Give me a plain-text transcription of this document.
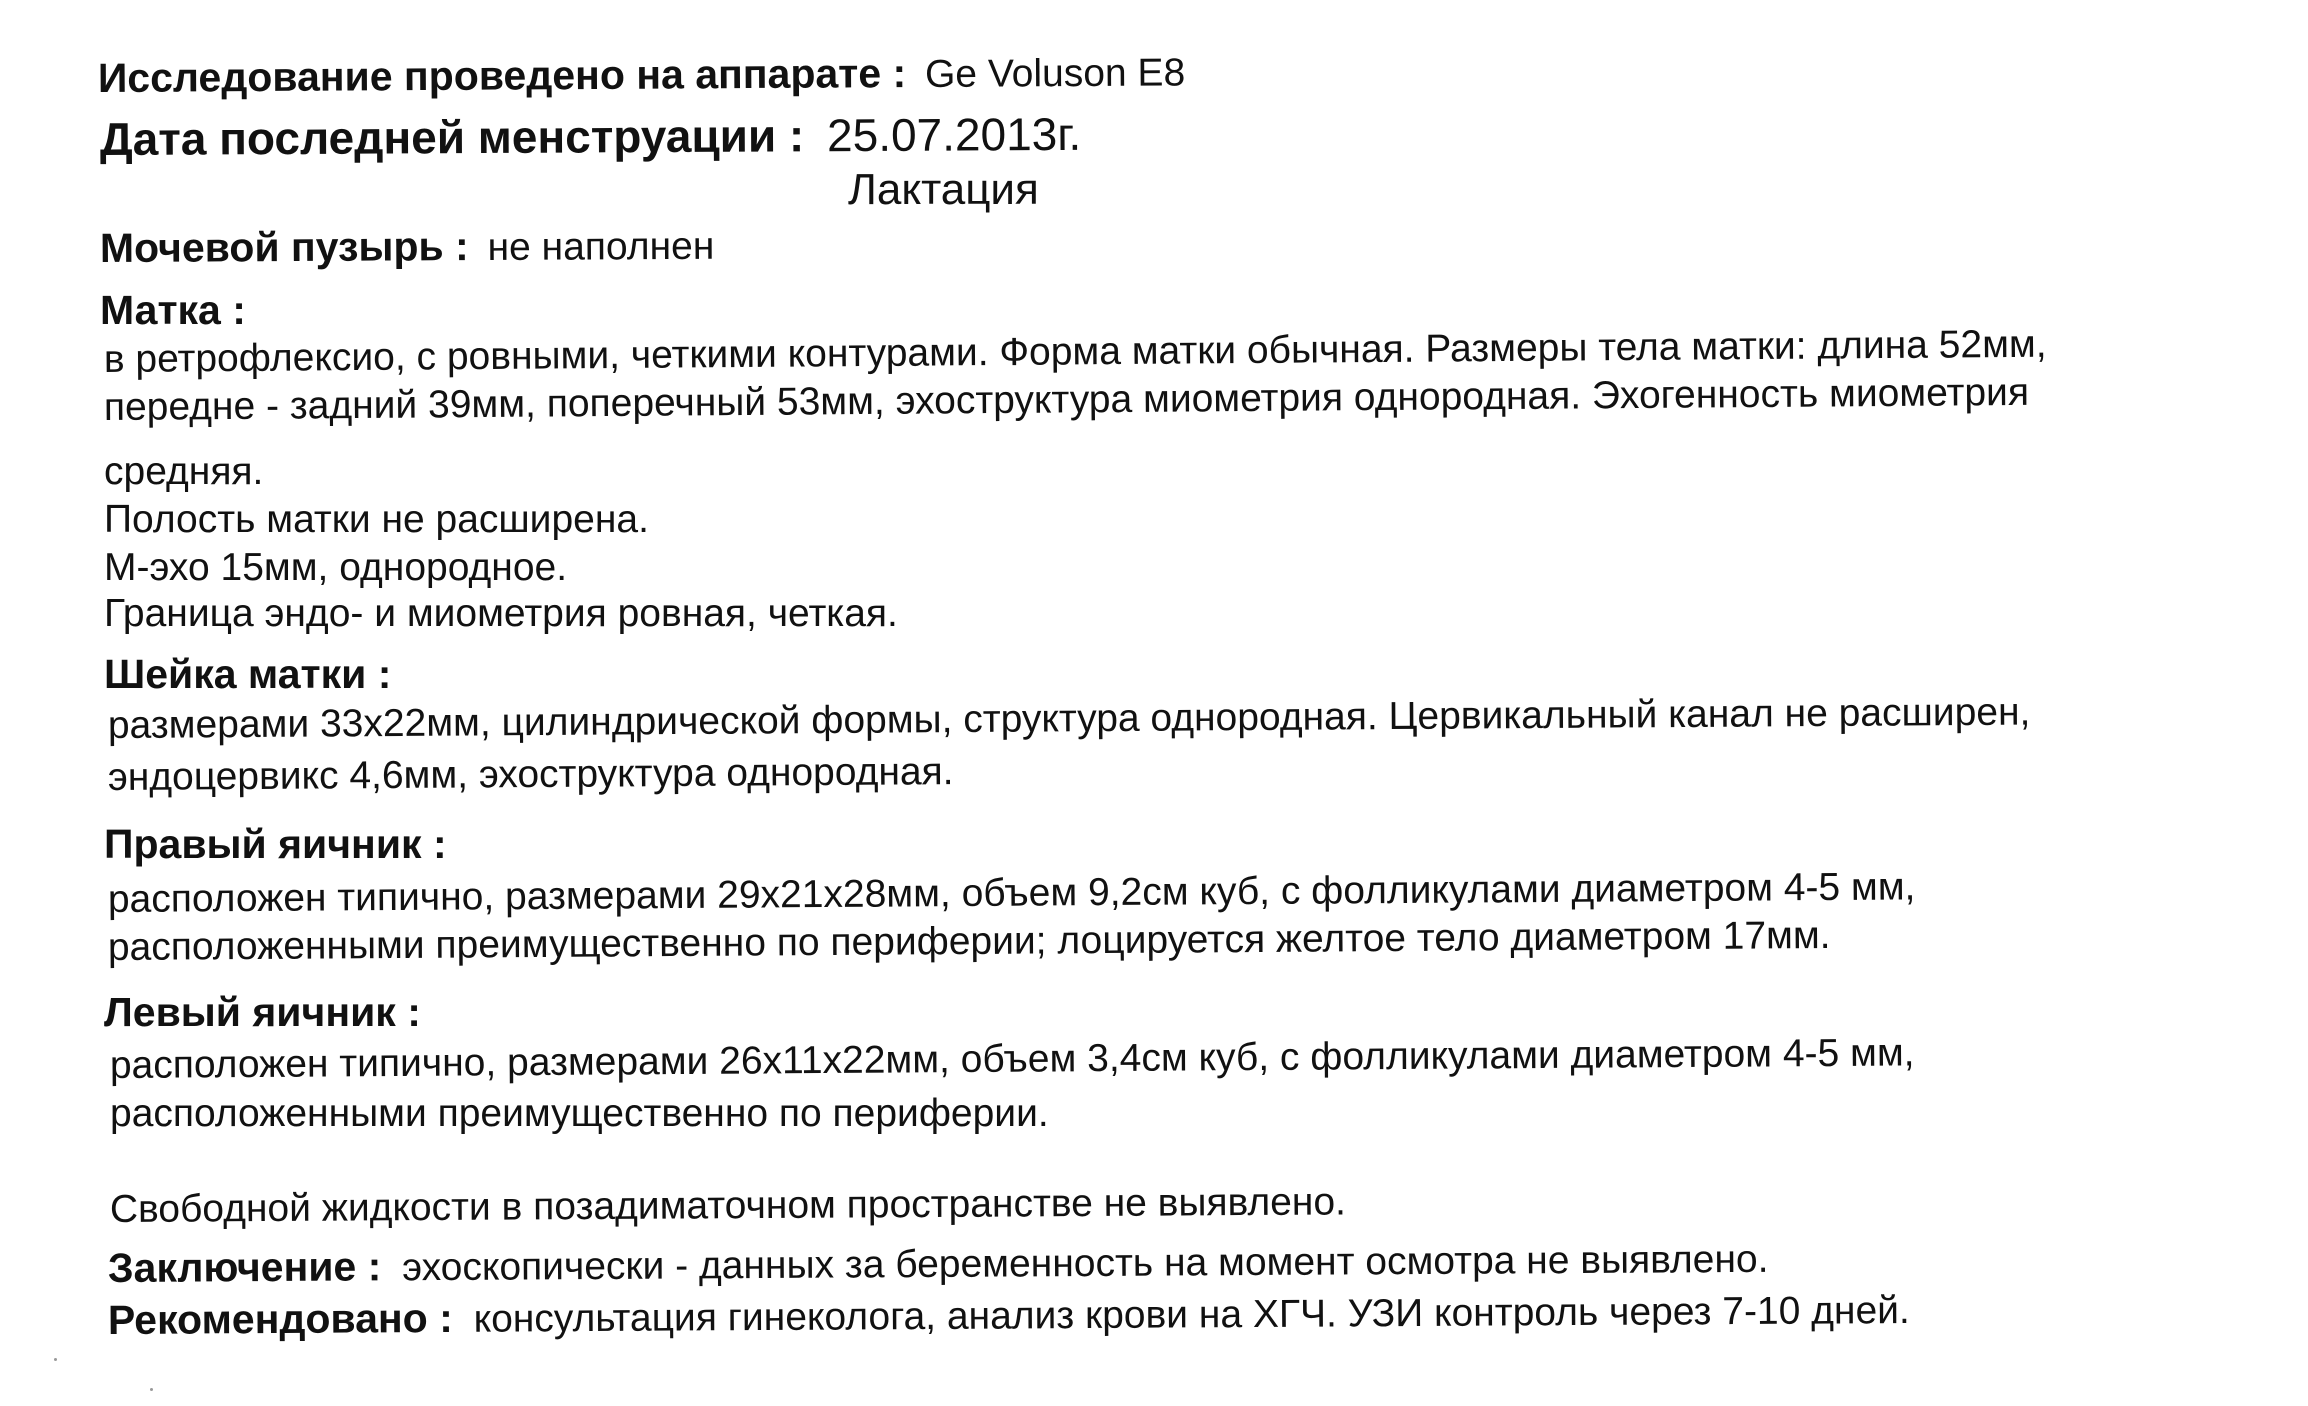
Исследование проведено на аппарате : Ge Voluson E8
Дата последней менструации : 25.07.2013г.
Лактация
Мочевой пузырь : не наполнен
Матка :
в ретрофлексио, с ровными, четкими контурами. Форма матки обычная. Размеры тела матки: длина 52мм,
передне - задний 39мм, поперечный 53мм, эхоструктура миометрия однородная. Эхогенность миометрия
средняя.
Полость матки не расширена.
М-эхо 15мм, однородное.
Граница эндо- и миометрия ровная, четкая.
Шейка матки :
размерами 33х22мм, цилиндрической формы, структура однородная. Цервикальный канал не расширен,
эндоцервикс 4,6мм, эхоструктура однородная.
Правый яичник :
расположен типично, размерами 29х21х28мм, объем 9,2см куб, с фолликулами диаметром 4-5 мм,
расположенными преимущественно по периферии; лоцируется желтое тело диаметром 17мм.
Левый яичник :
расположен типично, размерами 26х11х22мм, объем 3,4см куб, с фолликулами диаметром 4-5 мм,
расположенными преимущественно по периферии.
Свободной жидкости в позадиматочном пространстве не выявлено.
Заключение : эхоскопически - данных за беременность на момент осмотра не выявлено.
Рекомендовано : консультация гинеколога, анализ крови на ХГЧ. УЗИ контроль через 7-10 дней.
